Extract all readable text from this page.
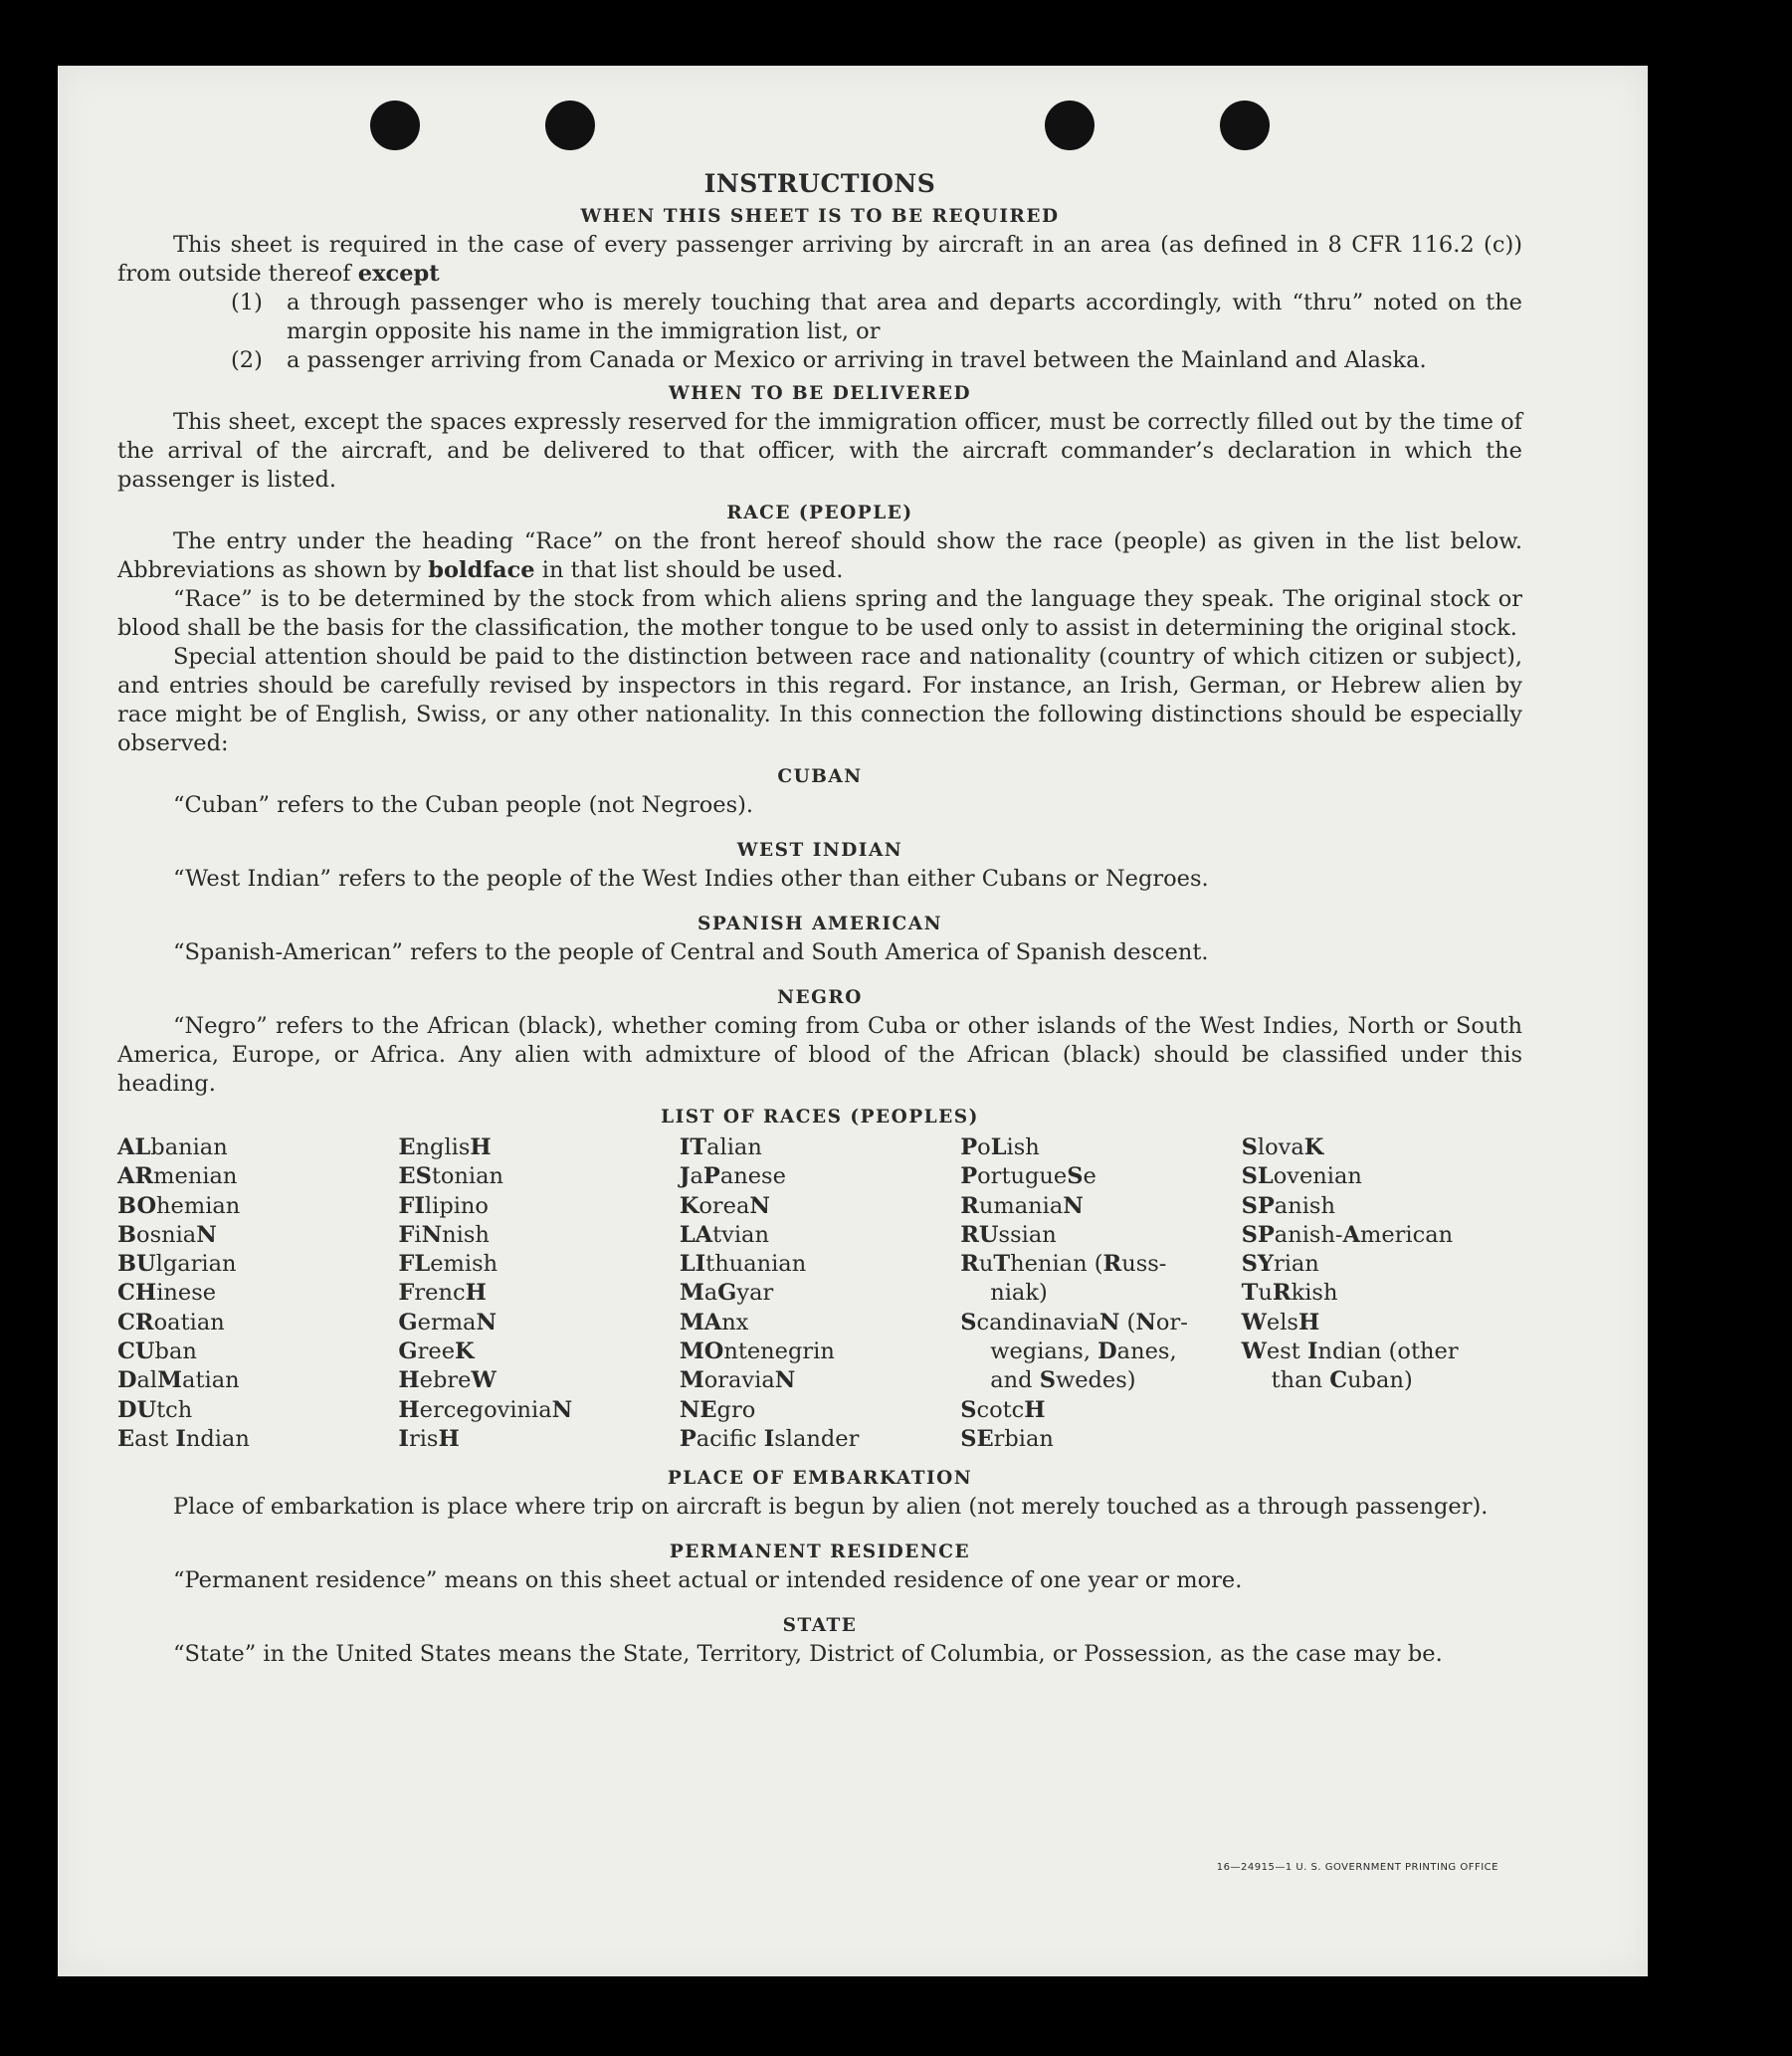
INSTRUCTIONS
WHEN THIS SHEET IS TO BE REQUIRED

This sheet is required in the case of every passenger arriving by aircraft in an area (as defined in 8 CFR 116.2 (c)) from outside thereof except

(1)	a through passenger who is merely touching that area and departs accordingly, with “thru” noted on the margin opposite his name in the immigration list, or
(2)	a passenger arriving from Canada or Mexico or arriving in travel between the Mainland and Alaska.
WHEN TO BE DELIVERED

This sheet, except the spaces expressly reserved for the immigration officer, must be correctly filled out by the time of the arrival of the aircraft, and be delivered to that officer, with the aircraft commander’s declaration in which the passenger is listed.

RACE (PEOPLE)

The entry under the heading “Race” on the front hereof should show the race (people) as given in the list below. Abbreviations as shown by boldface in that list should be used.

“Race” is to be determined by the stock from which aliens spring and the language they speak. The original stock or blood shall be the basis for the classification, the mother tongue to be used only to assist in determining the original stock.

Special attention should be paid to the distinction between race and nationality (country of which citizen or subject), and entries should be carefully revised by inspectors in this regard. For instance, an Irish, German, or Hebrew alien by race might be of English, Swiss, or any other nationality. In this connection the following distinctions should be especially observed:

CUBAN

“Cuban” refers to the Cuban people (not Negroes).

WEST INDIAN

“West Indian” refers to the people of the West Indies other than either Cubans or Negroes.

SPANISH AMERICAN

“Spanish-American” refers to the people of Central and South America of Spanish descent.

NEGRO

“Negro” refers to the African (black), whether coming from Cuba or other islands of the West Indies, North or South America, Europe, or Africa. Any alien with admixture of blood of the African (black) should be classified under this heading.

LIST OF RACES (PEOPLES)
ALbanian
ARmenian
BOhemian
BosniaN
BUlgarian
CHinese
CRoatian
CUban
DalMatian
DUtch
East Indian
EnglisH
EStonian
FIlipino
FiNnish
FLemish
FrencH
GermaN
GreeK
HebreW
HercegoviniaN
IrisH
ITalian
JaPanese
KoreaN
LAtvian
LIthuanian
MaGyar
MAnx
MOntenegrin
MoraviaN
NEgro
Pacific Islander
PoLish
PortugueSe
RumaniaN
RUssian
RuThenian (Russ-
niak)
ScandinaviaN (Nor-
wegians, Danes,
and Swedes)
ScotcH
SErbian
SlovaK
SLovenian
SPanish
SPanish-American
SYrian
TuRkish
WelsH
West Indian (other
than Cuban)
PLACE OF EMBARKATION

Place of embarkation is place where trip on aircraft is begun by alien (not merely touched as a through passenger).

PERMANENT RESIDENCE

“Permanent residence” means on this sheet actual or intended residence of one year or more.

STATE

“State” in the United States means the State, Territory, District of Columbia, or Possession, as the case may be.

16—24915—1 U. S. GOVERNMENT PRINTING OFFICE
